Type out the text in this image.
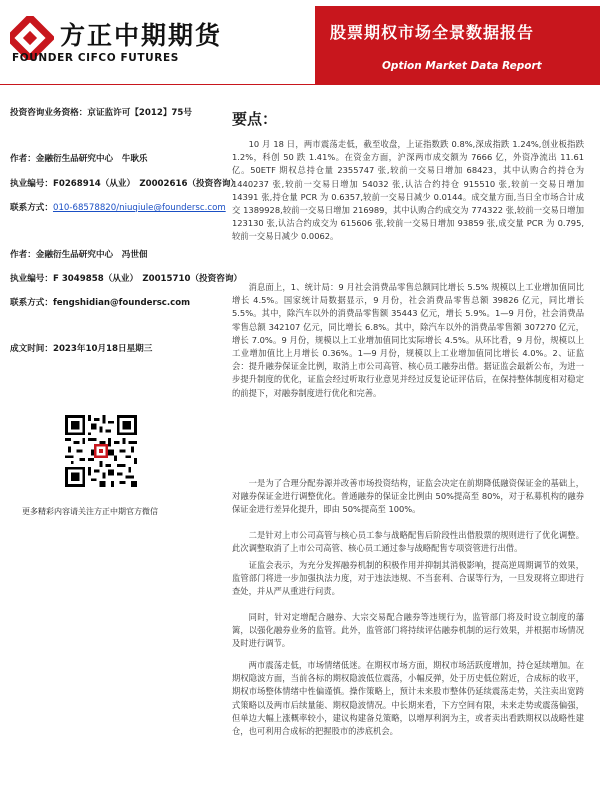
方正中期期货
FOUNDER CIFCO FUTURES
股票期权市场全景数据报告
Option Market Data Report
投资咨询业务资格：京证监许可【2012】75号
作者：金融衍生品研究中心　牛耿乐
执业编号：F0268914（从业）　Z0002616（投资咨询）
联系方式：010-68578820/niuqiule@foundersc.com
作者：金融衍生品研究中心　冯世佃
执业编号：F 3049858（从业）　Z0015710（投资咨询）
联系方式：fengshidian@foundersc.com
成文时间：2023年10月18日星期三
更多精彩内容请关注方正中期官方微信
要点：
10 月 18 日，两市震荡走低，截至收盘，上证指数跌 0.8%,深成指跌 1.24%,创业板指跌 1.2%，科创 50 跌 1.41%。在资金方面，沪深两市成交额为 7666 亿，外资净流出 11.61 亿。50ETF 期权总持仓量 2355747 张,较前一交易日增加 68423，其中认购合约持仓为 1440237 张,较前一交易日增加 54032 张,认沽合约持仓 915510 张,较前一交易日增加 14391 张,持仓量 PCR 为 0.6357,较前一交易日减少 0.0144。成交量方面,当日全市场合计成交 1389928,较前一交易日增加 216989，其中认购合约成交为 774322 张,较前一交易日增加 123130 张,认沽合约成交为 615606 张,较前一交易日增加 93859 张,成交量 PCR 为 0.795,较前一交易日减少 0.0062。
消息面上，1、统计局：9 月社会消费品零售总额同比增长 5.5% 规模以上工业增加值同比增长 4.5%。国家统计局数据显示，9 月份，社会消费品零售总额 39826 亿元，同比增长 5.5%。其中，除汽车以外的消费品零售额 35443 亿元，增长 5.9%。1—9 月份，社会消费品零售总额 342107 亿元，同比增长 6.8%。其中，除汽车以外的消费品零售额 307270 亿元，增长 7.0%。9 月份，规模以上工业增加值同比实际增长 4.5%。从环比看，9 月份，规模以上工业增加值比上月增长 0.36%。1—9 月份，规模以上工业增加值同比增长 4.0%。2、证监会：提升融券保证金比例，取消上市公司高管、核心员工融券出借。据证监会最新公布，为进一步提升制度的优化，证监会经过听取行业意见并经过反复论证评估后，在保持整体制度相对稳定的前提下，对融券制度进行优化和完善。
一是为了合理分配券源并改善市场投资结构，证监会决定在前期降低融资保证金的基础上，对融券保证金进行调整优化。普通融券的保证金比例由 50%提高至 80%，对于私募机构的融券保证金进行差异化提升，即由 50%提高至 100%。
二是针对上市公司高管与核心员工参与战略配售后阶段性出借股票的规则进行了优化调整。此次调整取消了上市公司高管、核心员工通过参与战略配售专项资管进行出借。
证监会表示，为充分发挥融券机制的积极作用并抑制其消极影响，提高逆周期调节的效果，监管部门将进一步加强执法力度，对于违法违规、不当套利、合谋等行为，一旦发现将立即进行查处，并从严从重进行问责。
同时，针对定增配合融券、大宗交易配合融券等违规行为，监管部门将及时设立制度的藩篱，以强化融券业务的监管。此外，监管部门将持续评估融券机制的运行效果，并根据市场情况及时进行调节。
两市震荡走低，市场情绪低迷。在期权市场方面，期权市场活跃度增加，持仓延续增加。在期权隐波方面，当前各标的期权隐波低位震荡，小幅反弹，处于历史低位附近，合成标的收平，期权市场整体情绪中性偏谨慎。操作策略上，预计未来股市整体仍延续震荡走势，关注卖出宽跨式策略以及两市后续量能、期权隐波情况。中长期来看，下方空间有限，未来走势或震荡偏强，但单边大幅上涨概率较小，建议构建备兑策略，以增厚利润为主，或者卖出看跌期权以战略性建仓，也可利用合成标的把握股市的涉底机会。
